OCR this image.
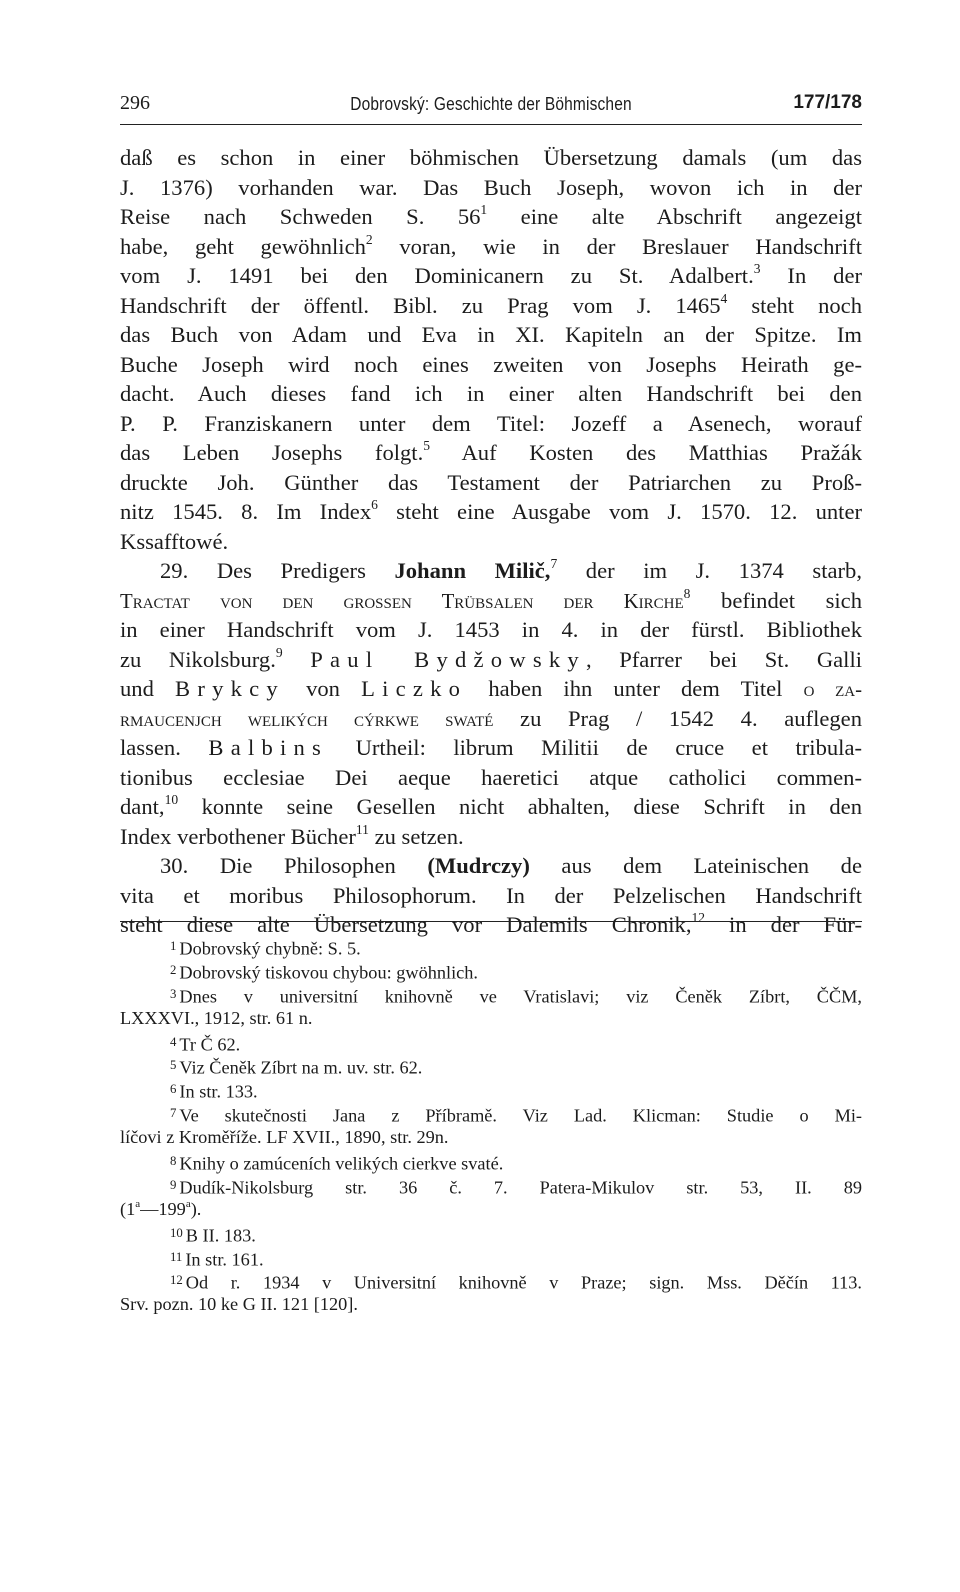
296	Dobrovský: Geschichte der Böhmischen	177/178
daß es schon in einer böhmischen Übersetzung damals (um das
J. 1376) vorhanden war. Das Buch Joseph, wovon ich in der
Reise nach Schweden S. $56^1$ eine alte Abschrift angezeigt
habe, geht gewöhnlich$^2$ voran, wie in der Breslauer Handschrift
vom J. 1491 bei den Dominicanern zu St. Adalbert.$^3$ In der
Handschrift der öffentl. Bibl. zu Prag vom J. 1465$^4$ steht noch
das Buch von Adam und Eva in XI. Kapiteln an der Spitze. Im
Buche Joseph wird noch eines zweiten von Josephs Heirath ge-
dacht. Auch dieses fand ich in einer alten Handschrift bei den
P. P. Franziskanern unter dem Titel: Jozeff a Asenech, worauf
das Leben Josephs folgt.$^5$ Auf Kosten des Matthias Pražák
druckte Joh. Günther das Testament der Patriarchen zu Proß-
nitz 1545. 8. Im Index$^6$ steht eine Ausgabe vom J. 1570. 12. unter
Kssafftowé.
29. Des Predigers Johann Milič,$^7$ der im J. 1374 starb,
Tractat von den großen Trübsalen der Kirche$^8$ befindet sich
in einer Handschrift vom J. 1453 in 4. in der fürstl. Bibliothek
zu Nikolsburg.$^9$ Paul Bydžowsky, Pfarrer bei St. Galli
und Brykcy von Liczko haben ihn unter dem Titel o za-
rmaucenjch welikých cýrkwe swaté zu Prag / 1542 4. auflegen
lassen. Balbins Urtheil: librum Militii de cruce et tribula-
tionibus ecclesiae Dei aeque haeretici atque catholici commen-
dant,$^{10}$ konnte seine Gesellen nicht abhalten, diese Schrift in den
Index verbothener Bücher$^{11}$ zu setzen.
30. Die Philosophen (Mudrczy) aus dem Lateinischen de
vita et moribus Philosophorum. In der Pelzelischen Handschrift
steht diese alte Übersetzung vor Dalemils Chronik,$^{12}$ in der Für-
$^1$ Dobrovský chybně: S. 5.
$^2$ Dobrovský tiskovou chybou: gwöhnlich.
$^3$ Dnes v universitní knihovně ve Vratislavi; viz Čeněk Zíbrt, ČČM,
LXXXVI., 1912, str. 61 n.
$^4$ Tr Č 62.
$^5$ Viz Čeněk Zíbrt na m. uv. str. 62.
$^6$ In str. 133.
$^7$ Ve skutečnosti Jana z Příbramě. Viz Lad. Klicman: Studie o Mi-
líčovi z Kroměříže. LF XVII., 1890, str. 29n.
$^8$ Knihy o zamúceních velikých cierkve svaté.
$^9$ Dudík-Nikolsburg str. 36 č. 7. Patera-Mikulov str. 53, II. 89
(1$^a$—199$^a$).
$^{10}$ B II. 183.
$^{11}$ In str. 161.
$^{12}$ Od r. 1934 v Universitní knihovně v Praze; sign. Mss. Děčín 113.
Srv. pozn. 10 ke G II. 121 [120].
